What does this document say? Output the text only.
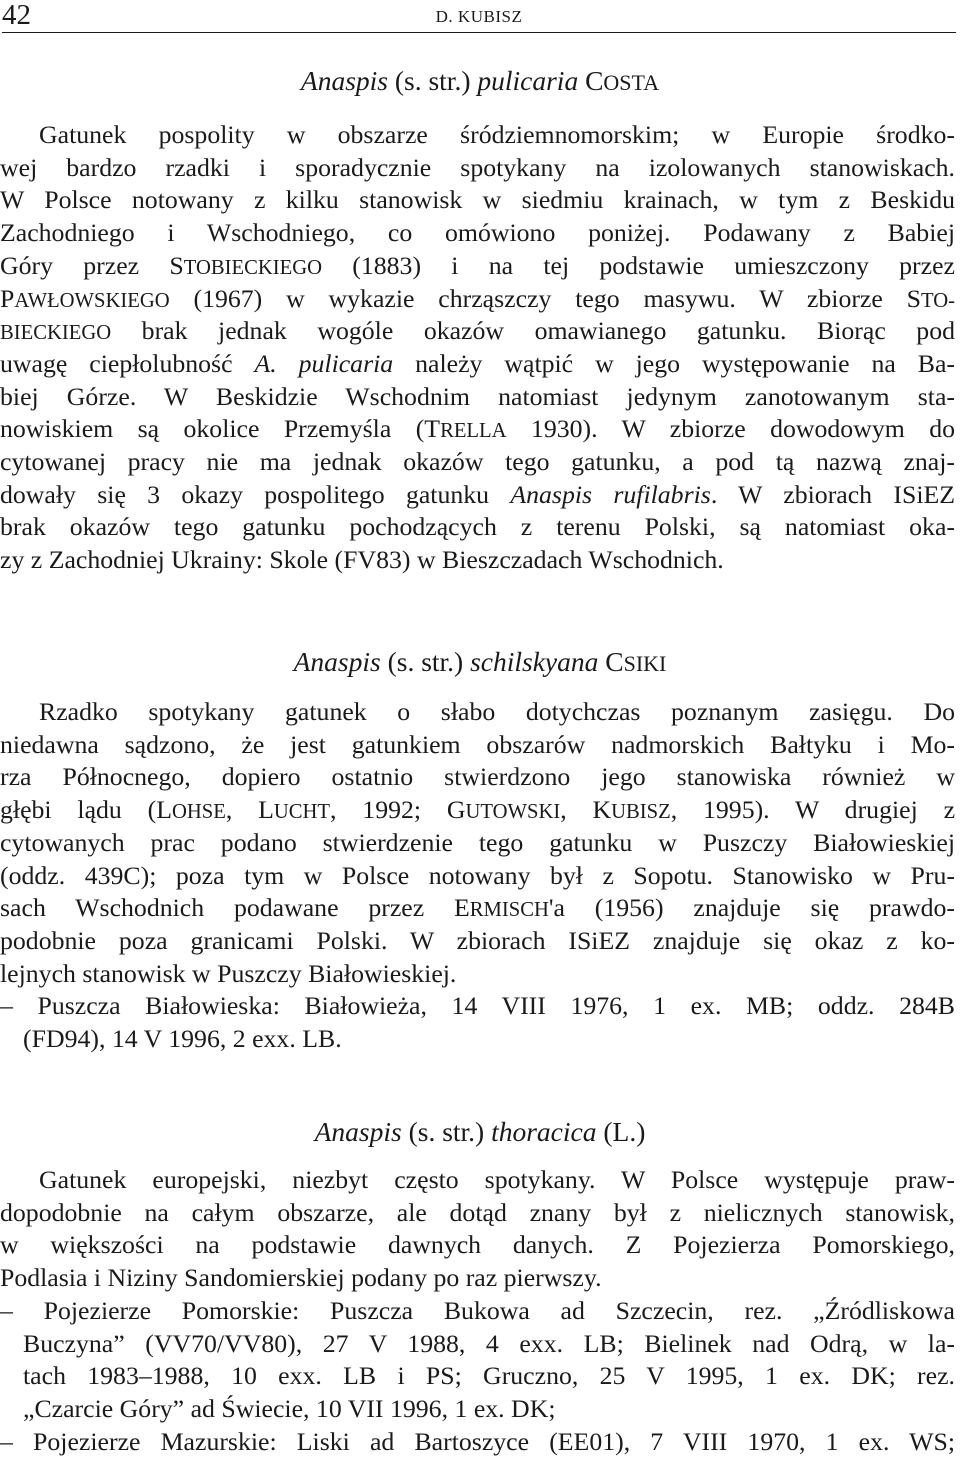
42	D. KUBISZ
Anaspis (s. str.) pulicaria COSTA
Gatunek pospolity w obszarze śródziemnomorskim; w Europie środko-
wej bardzo rzadki i sporadycznie spotykany na izolowanych stanowiskach.
W Polsce notowany z kilku stanowisk w siedmiu krainach, w tym z Beskidu
Zachodniego i Wschodniego, co omówiono poniżej. Podawany z Babiej
Góry przez STOBIECKIEGO (1883) i na tej podstawie umieszczony przez
PAWŁOWSKIEGO (1967) w wykazie chrząszczy tego masywu. W zbiorze STO-
BIECKIEGO brak jednak wogóle okazów omawianego gatunku. Biorąc pod
uwagę ciepłolubność A. pulicaria należy wątpić w jego występowanie na Ba-
biej Górze. W Beskidzie Wschodnim natomiast jedynym zanotowanym sta-
nowiskiem są okolice Przemyśla (TRELLA 1930). W zbiorze dowodowym do
cytowanej pracy nie ma jednak okazów tego gatunku, a pod tą nazwą znaj-
dowały się 3 okazy pospolitego gatunku Anaspis rufilabris. W zbiorach ISiEZ
brak okazów tego gatunku pochodzących z terenu Polski, są natomiast oka-
zy z Zachodniej Ukrainy: Skole (FV83) w Bieszczadach Wschodnich.
Anaspis (s. str.) schilskyana CSIKI
Rzadko spotykany gatunek o słabo dotychczas poznanym zasięgu. Do
niedawna sądzono, że jest gatunkiem obszarów nadmorskich Bałtyku i Mo-
rza Północnego, dopiero ostatnio stwierdzono jego stanowiska również w
głębi lądu (LOHSE, LUCHT, 1992; GUTOWSKI, KUBISZ, 1995). W drugiej z
cytowanych prac podano stwierdzenie tego gatunku w Puszczy Białowieskiej
(oddz. 439C); poza tym w Polsce notowany był z Sopotu. Stanowisko w Pru-
sach Wschodnich podawane przez ERMISCH'a (1956) znajduje się prawdo-
podobnie poza granicami Polski. W zbiorach ISiEZ znajduje się okaz z ko-
lejnych stanowisk w Puszczy Białowieskiej.
– Puszcza Białowieska: Białowieża, 14 VIII 1976, 1 ex. MB; oddz. 284B
(FD94), 14 V 1996, 2 exx. LB.
Anaspis (s. str.) thoracica (L.)
Gatunek europejski, niezbyt często spotykany. W Polsce występuje praw-
dopodobnie na całym obszarze, ale dotąd znany był z nielicznych stanowisk,
w większości na podstawie dawnych danych. Z Pojezierza Pomorskiego,
Podlasia i Niziny Sandomierskiej podany po raz pierwszy.
– Pojezierze Pomorskie: Puszcza Bukowa ad Szczecin, rez. „Źródliskowa
Buczyna” (VV70/VV80), 27 V 1988, 4 exx. LB; Bielinek nad Odrą, w la-
tach 1983–1988, 10 exx. LB i PS; Gruczno, 25 V 1995, 1 ex. DK; rez.
„Czarcie Góry” ad Świecie, 10 VII 1996, 1 ex. DK;
– Pojezierze Mazurskie: Liski ad Bartoszyce (EE01), 7 VIII 1970, 1 ex. WS;
